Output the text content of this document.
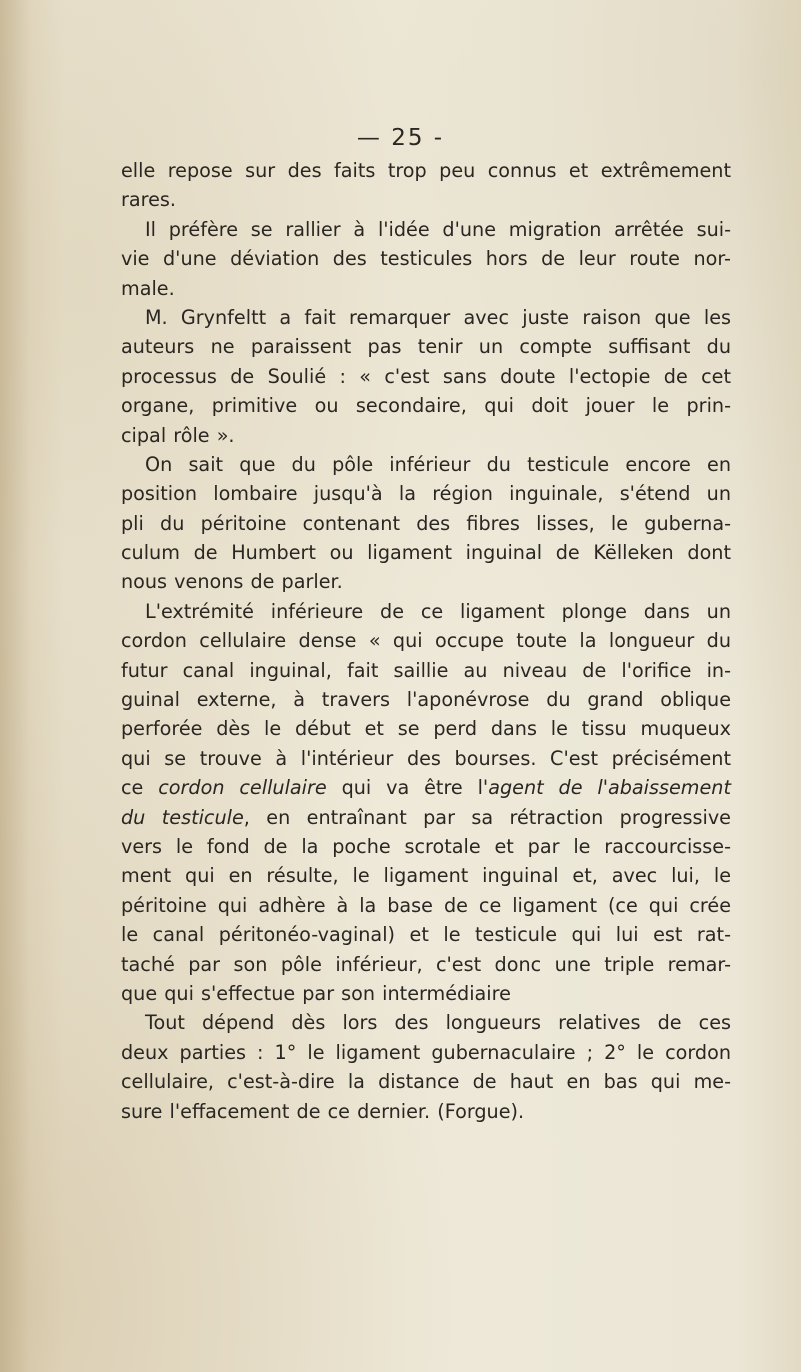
— 25 -
elle repose sur des faits trop peu connus et extrêmement
rares.
Il préfère se rallier à l'idée d'une migration arrêtée sui-
vie d'une déviation des testicules hors de leur route nor-
male.
M. Grynfeltt a fait remarquer avec juste raison que les
auteurs ne paraissent pas tenir un compte suffisant du
processus de Soulié : « c'est sans doute l'ectopie de cet
organe, primitive ou secondaire, qui doit jouer le prin-
cipal rôle ».
On sait que du pôle inférieur du testicule encore en
position lombaire jusqu'à la région inguinale, s'étend un
pli du péritoine contenant des fibres lisses, le guberna-
culum de Humbert ou ligament inguinal de Këlleken dont
nous venons de parler.
L'extrémité inférieure de ce ligament plonge dans un
cordon cellulaire dense « qui occupe toute la longueur du
futur canal inguinal, fait saillie au niveau de l'orifice in-
guinal externe, à travers l'aponévrose du grand oblique
perforée dès le début et se perd dans le tissu muqueux
qui se trouve à l'intérieur des bourses. C'est précisément
ce cordon cellulaire qui va être l'agent de l'abaissement
du testicule, en entraînant par sa rétraction progressive
vers le fond de la poche scrotale et par le raccourcisse-
ment qui en résulte, le ligament inguinal et, avec lui, le
péritoine qui adhère à la base de ce ligament (ce qui crée
le canal péritonéo-vaginal) et le testicule qui lui est rat-
taché par son pôle inférieur, c'est donc une triple remar-
que qui s'effectue par son intermédiaire
Tout dépend dès lors des longueurs relatives de ces
deux parties : 1° le ligament gubernaculaire ; 2° le cordon
cellulaire, c'est-à-dire la distance de haut en bas qui me-
sure l'effacement de ce dernier. (Forgue).
